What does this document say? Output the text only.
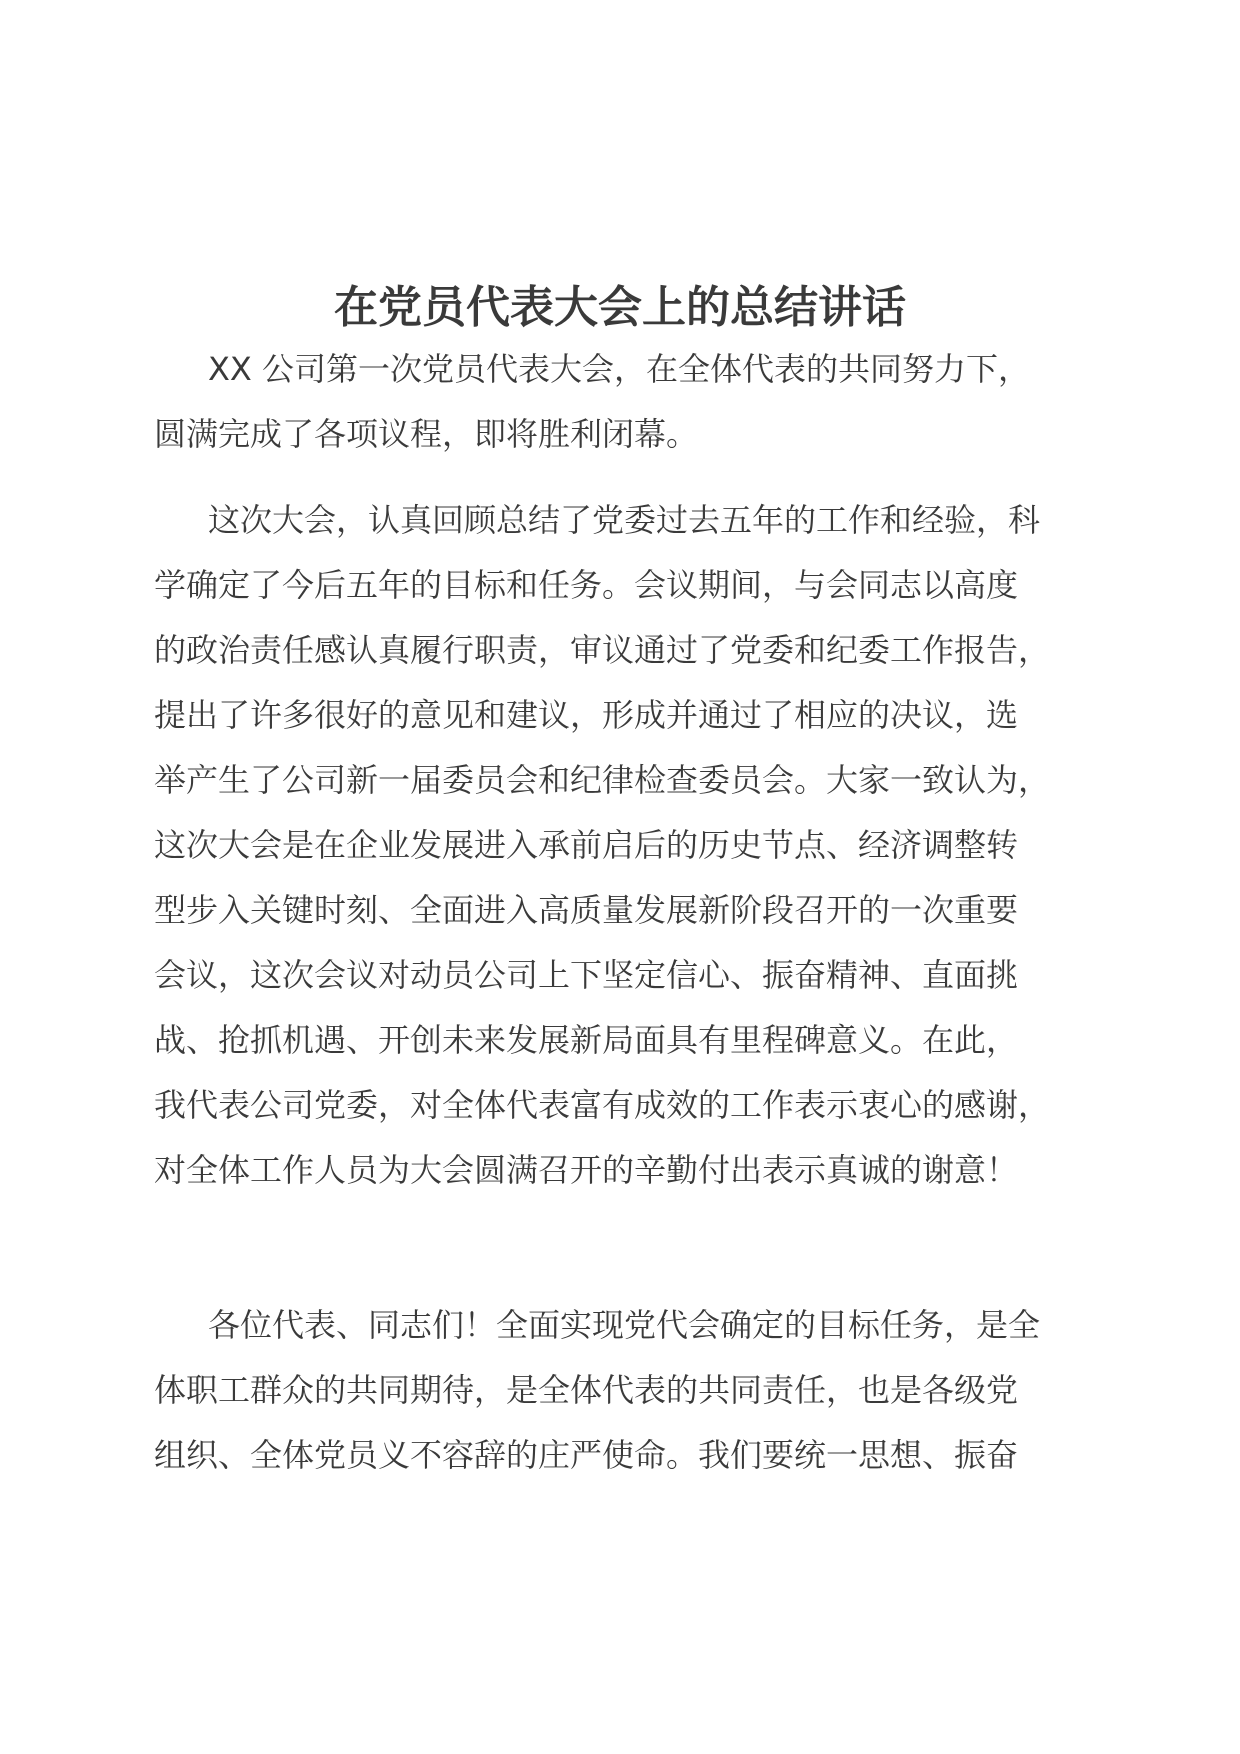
在党员代表大会上的总结讲话

XX 公司第一次党员代表大会，在全体代表的共同努力下，
圆满完成了各项议程，即将胜利闭幕。

这次大会，认真回顾总结了党委过去五年的工作和经验，科
学确定了今后五年的目标和任务。会议期间，与会同志以高度
的政治责任感认真履行职责，审议通过了党委和纪委工作报告，
提出了许多很好的意见和建议，形成并通过了相应的决议，选
举产生了公司新一届委员会和纪律检查委员会。大家一致认为，
这次大会是在企业发展进入承前启后的历史节点、经济调整转
型步入关键时刻、全面进入高质量发展新阶段召开的一次重要
会议，这次会议对动员公司上下坚定信心、振奋精神、直面挑
战、抢抓机遇、开创未来发展新局面具有里程碑意义。在此，
我代表公司党委，对全体代表富有成效的工作表示衷心的感谢，
对全体工作人员为大会圆满召开的辛勤付出表示真诚的谢意！

各位代表、同志们！全面实现党代会确定的目标任务，是全
体职工群众的共同期待，是全体代表的共同责任，也是各级党
组织、全体党员义不容辞的庄严使命。我们要统一思想、振奋
